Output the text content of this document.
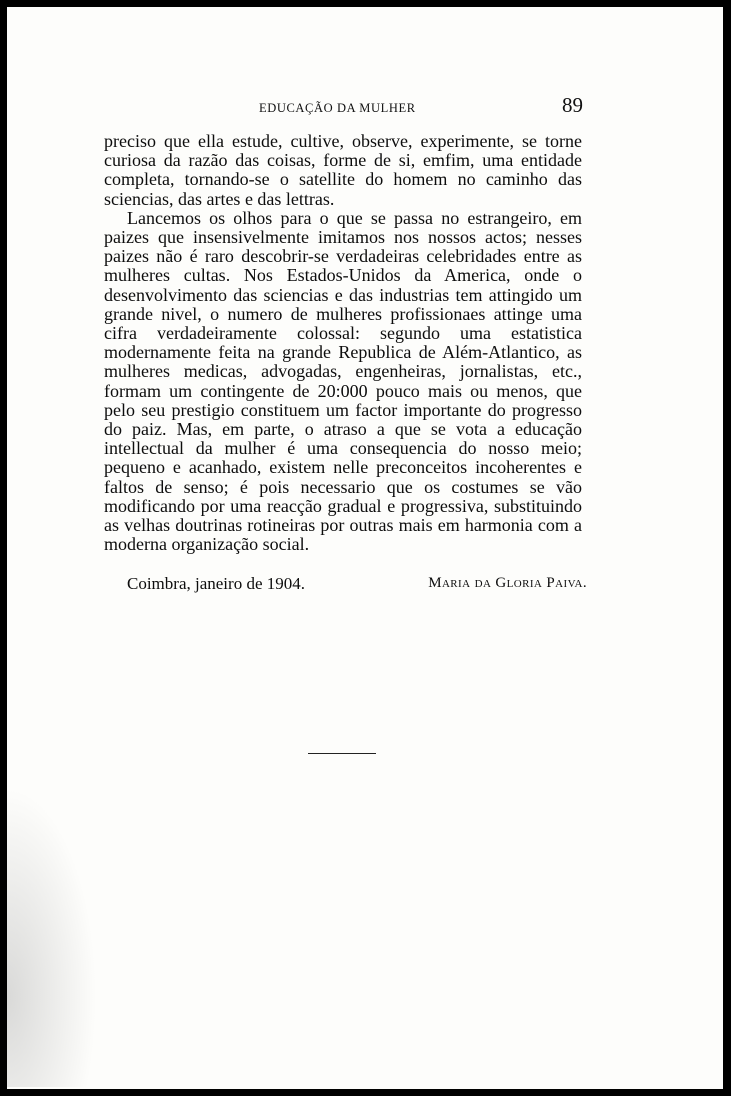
EDUCAÇÃO DA MULHER	89

preciso que ella estude, cultive, observe, experimente, se torne curiosa da razão das coisas, forme de si, emfim, uma entidade completa, tornando-se o satellite do homem no caminho das sciencias, das artes e das lettras.

Lancemos os olhos para o que se passa no estrangeiro, em paizes que insensivelmente imitamos nos nossos actos; nesses paizes não é raro descobrir-se verdadeiras celebridades entre as mulheres cultas. Nos Estados-Unidos da America, onde o desenvolvimento das sciencias e das industrias tem attingido um grande nivel, o numero de mulheres profissionaes attinge uma cifra verdadeiramente colossal: segundo uma estatistica modernamente feita na grande Republica de Além-Atlantico, as mulheres medicas, advogadas, engenheiras, jornalistas, etc., formam um contingente de 20:000 pouco mais ou menos, que pelo seu prestigio constituem um factor importante do progresso do paiz. Mas, em parte, o atraso a que se vota a educação intellectual da mulher é uma consequencia do nosso meio; pequeno e acanhado, existem nelle preconceitos incoherentes e faltos de senso; é pois necessario que os costumes se vão modificando por uma reacção gradual e progressiva, substituindo as velhas doutrinas rotineiras por outras mais em harmonia com a moderna organização social.

Coimbra, janeiro de 1904.	Maria da Gloria Paiva.
